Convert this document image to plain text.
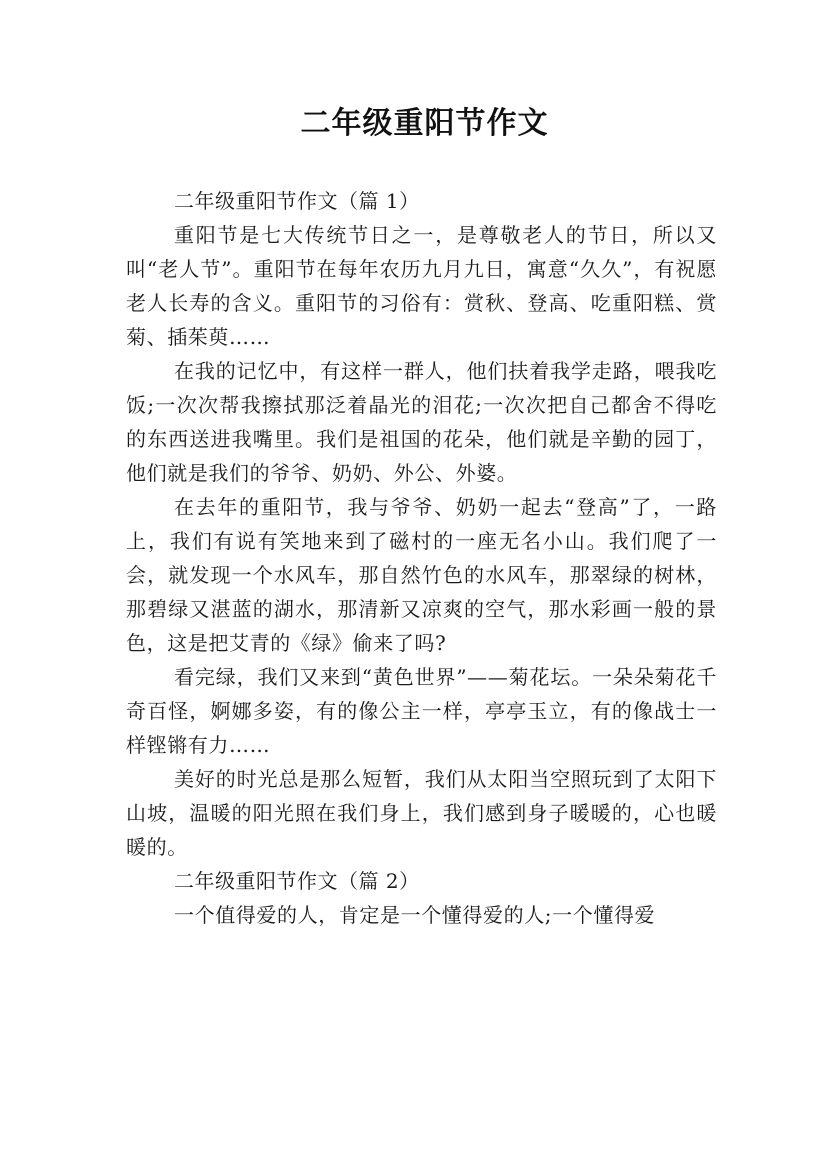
二年级重阳节作文

二年级重阳节作文（篇 1）

重阳节是七大传统节日之一，是尊敬老人的节日，所以又叫“老人节”。重阳节在每年农历九月九日，寓意“久久”，有祝愿老人长寿的含义。重阳节的习俗有：赏秋、登高、吃重阳糕、赏菊、插茱萸……

在我的记忆中，有这样一群人，他们扶着我学走路，喂我吃饭;一次次帮我擦拭那泛着晶光的泪花;一次次把自己都舍不得吃的东西送进我嘴里。我们是祖国的花朵，他们就是辛勤的园丁，他们就是我们的爷爷、奶奶、外公、外婆。

在去年的重阳节，我与爷爷、奶奶一起去“登高”了，一路上，我们有说有笑地来到了磁村的一座无名小山。我们爬了一会，就发现一个水风车，那自然竹色的水风车，那翠绿的树林，那碧绿又湛蓝的湖水，那清新又凉爽的空气，那水彩画一般的景色，这是把艾青的《绿》偷来了吗?

看完绿，我们又来到“黄色世界”——菊花坛。一朵朵菊花千奇百怪，婀娜多姿，有的像公主一样，亭亭玉立，有的像战士一样铿锵有力……

美好的时光总是那么短暂，我们从太阳当空照玩到了太阳下山坡，温暖的阳光照在我们身上，我们感到身子暖暖的，心也暖暖的。

二年级重阳节作文（篇 2）

一个值得爱的人，肯定是一个懂得爱的人;一个懂得爱
